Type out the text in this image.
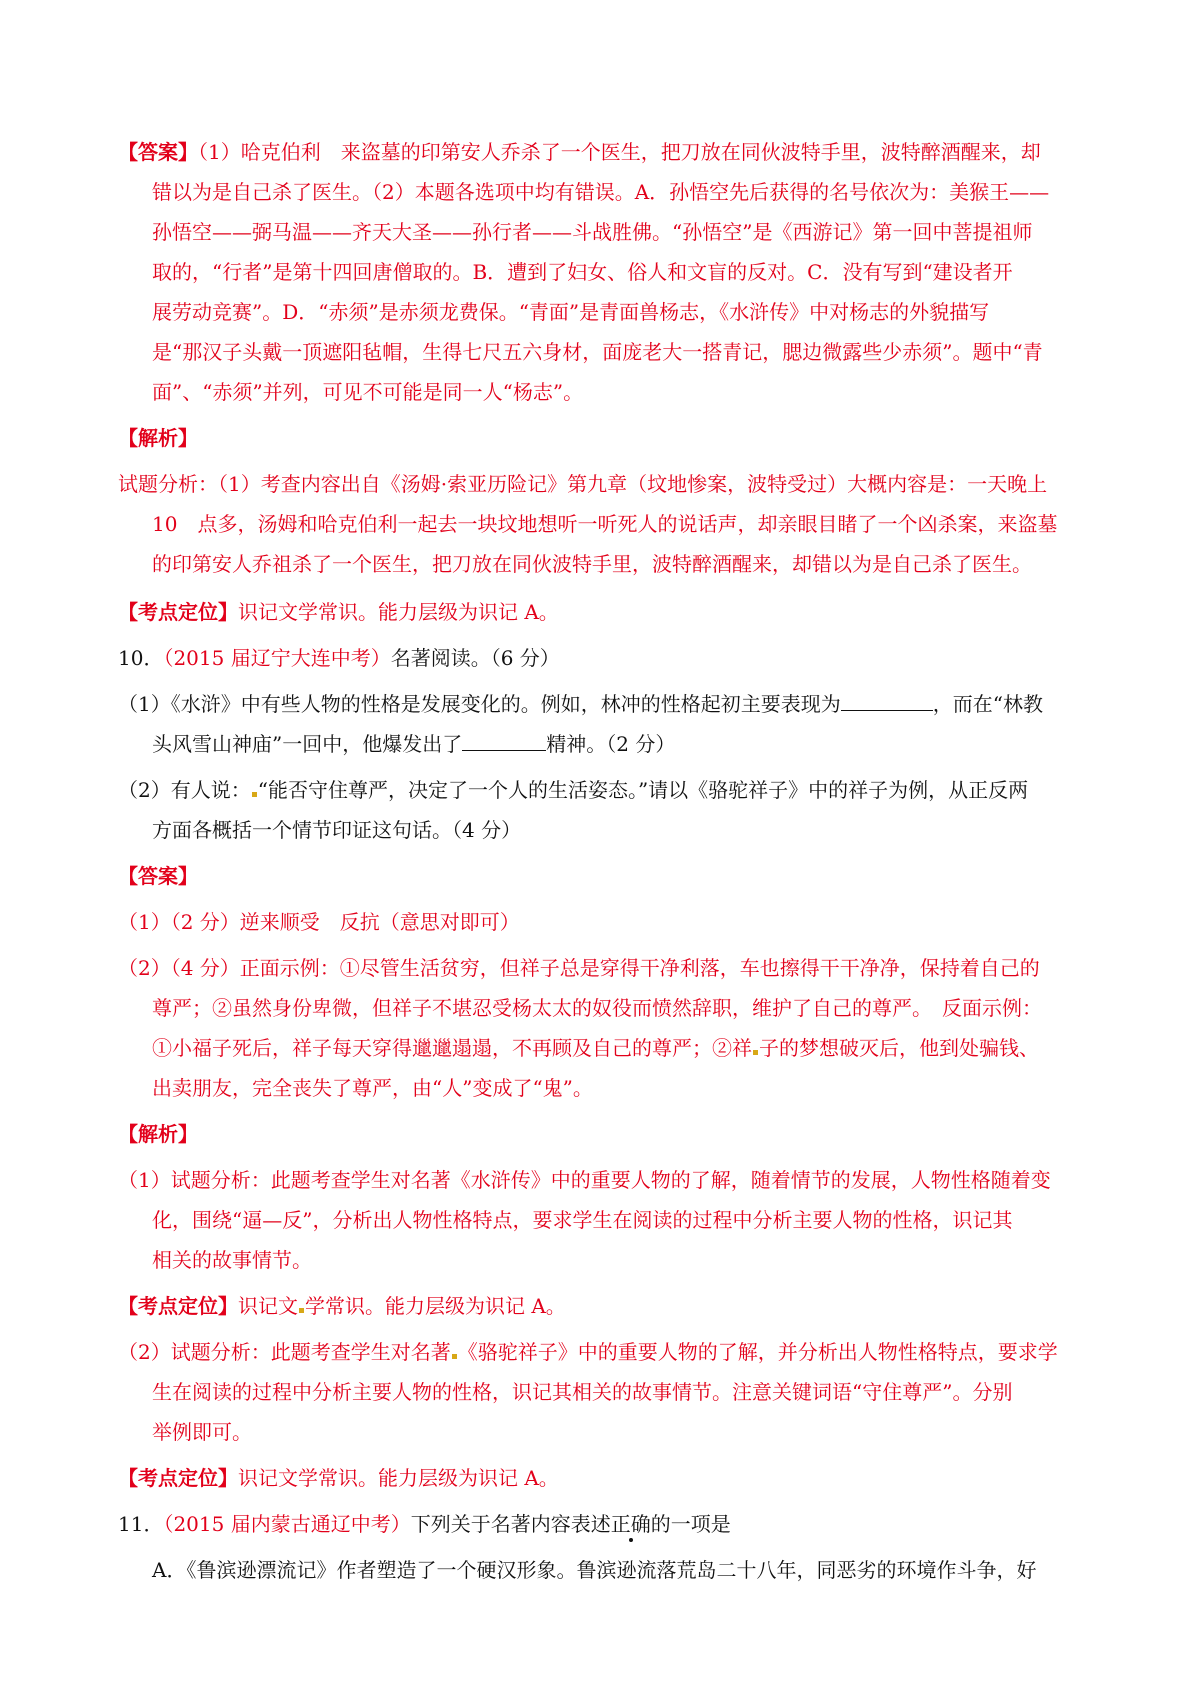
【答案】（1）哈克伯利　来盗墓的印第安人乔杀了一个医生，把刀放在同伙波特手里，波特醉酒醒来，却
错以为是自己杀了医生。（2）本题各选项中均有错误。A．孙悟空先后获得的名号依次为：美猴王——
孙悟空——弼马温——齐天大圣——孙行者——斗战胜佛。“孙悟空”是《西游记》第一回中菩提祖师
取的，“行者”是第十四回唐僧取的。B．遭到了妇女、俗人和文盲的反对。C．没有写到“建设者开
展劳动竞赛”。D．“赤须”是赤须龙费保。“青面”是青面兽杨志，《水浒传》中对杨志的外貌描写
是“那汉子头戴一顶遮阳毡帽，生得七尺五六身材，面庞老大一搭青记，腮边微露些少赤须”。题中“青
面”、“赤须”并列，可见不可能是同一人“杨志”。
【解析】
试题分析：（1）考查内容出自《汤姆·索亚历险记》第九章（坟地惨案，波特受过）大概内容是：一天晚上
10　点多，汤姆和哈克伯利一起去一块坟地想听一听死人的说话声，却亲眼目睹了一个凶杀案，来盗墓
的印第安人乔祖杀了一个医生，把刀放在同伙波特手里，波特醉酒醒来，却错以为是自己杀了医生。
【考点定位】识记文学常识。能力层级为识记 A。
10．（2015 届辽宁大连中考）名著阅读。（6 分）
（1）《水浒》中有些人物的性格是发展变化的。例如，林冲的性格起初主要表现为	，而在“林教
头风雪山神庙”一回中，他爆发出了	精神。（2 分）
（2）有人说： “能否守住尊严，决定了一个人的生活姿态。”请以《骆驼祥子》中的祥子为例，从正反两
方面各概括一个情节印证这句话。（4 分）
【答案】
（1）（2 分）逆来顺受　反抗（意思对即可）
（2）（4 分）正面示例：①尽管生活贫穷，但祥子总是穿得干净利落，车也擦得干干净净，保持着自己的
尊严；②虽然身份卑微，但祥子不堪忍受杨太太的奴役而愤然辞职，维护了自己的尊严。　反面示例：
①小福子死后，祥子每天穿得邋邋遢遢，不再顾及自己的尊严；②祥 子的梦想破灭后，他到处骗钱、
出卖朋友，完全丧失了尊严，由“人”变成了“鬼”。
【解析】
（1）试题分析：此题考查学生对名著《水浒传》中的重要人物的了解，随着情节的发展，人物性格随着变
化，围绕“逼—反”，分析出人物性格特点，要求学生在阅读的过程中分析主要人物的性格，识记其
相关的故事情节。
【考点定位】识记文 学常识。能力层级为识记 A。
（2）试题分析：此题考查学生对名著 《骆驼祥子》中的重要人物的了解，并分析出人物性格特点，要求学
生在阅读的过程中分析主要人物的性格，识记其相关的故事情节。注意关键词语“守住尊严”。分别
举例即可。
【考点定位】识记文学常识。能力层级为识记 A。
11．（2015 届内蒙古通辽中考）下列关于名著内容表述正确的一项是
A．《鲁滨逊漂流记》作者塑造了一个硬汉形象。鲁滨逊流落荒岛二十八年，同恶劣的环境作斗争，好
